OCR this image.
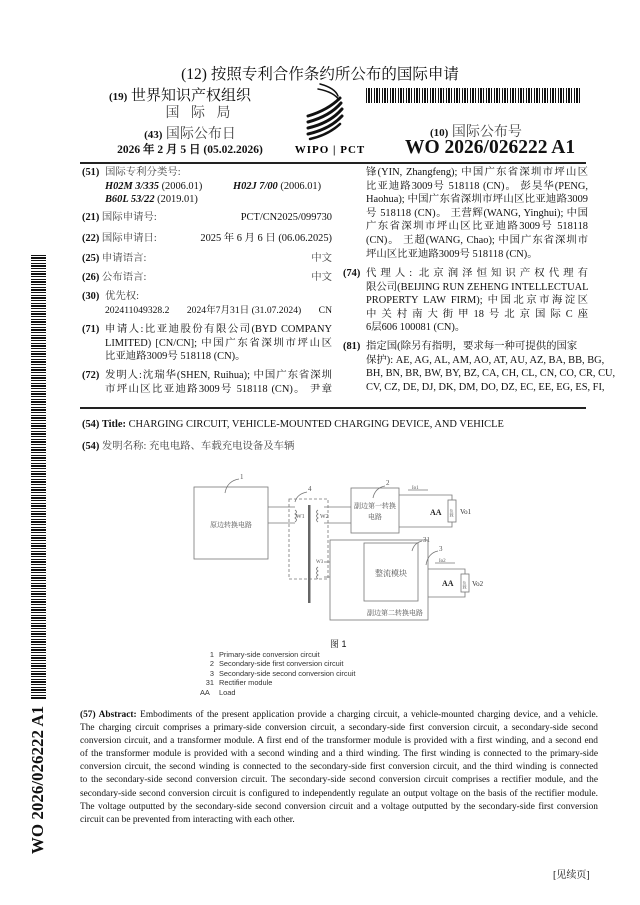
(12) 按照专利合作条约所公布的国际申请
(19) 世界知识产权组织
国 际 局
(43) 国际公布日
2026 年 2 月 5 日 (05.02.2026)	WIPO | PCT
(10) 国际公布号
WO 2026/026222 A1
(51) 国际专利分类号:
H02M 3/335 (2006.01)	H02J 7/00 (2006.01)
B60L 53/22 (2019.01)
(21) 国际申请号:	PCT/CN2025/099730
(22) 国际申请日:	2025 年 6 月 6 日 (06.06.2025)
(25) 申请语言:	中文
(26) 公布语言:	中文
(30) 优先权:
202411049328.2 2024年7月31日 (31.07.2024) CN
(71) 申请人:比亚迪股份有限公司(BYD COMPANY
LIMITED) [CN/CN]; 中国广东省深圳市坪山区
比亚迪路3009号 518118 (CN)。
(72) 发明人:沈瑞华(SHEN, Ruihua); 中国广东省深圳
市坪山区比亚迪路3009号 518118 (CN)。 尹章
锋(YIN, Zhangfeng); 中国广东省深圳市坪山区
比亚迪路3009号 518118 (CN)。 彭昊华(PENG,
Haohua); 中国广东省深圳市坪山区比亚迪路3009
号 518118 (CN)。 王营辉(WANG, Yinghui); 中国
广东省深圳市坪山区比亚迪路3009号 518118
(CN)。 王超(WANG, Chao); 中国广东省深圳市
坪山区比亚迪路3009号 518118 (CN)。
(74) 代理人: 北京润泽恒知识产权代理有
限公司(BEIJING RUN ZEHENG INTELLECTUAL
PROPERTY LAW FIRM); 中国北京市海淀区
中关村南大街甲18号北京国际C座
6层606 100081 (CN)。
(81) 指定国(除另有指明，要求每一种可提供的国家
保护): AE, AG, AL, AM, AO, AT, AU, AZ, BA, BB, BG,
BH, BN, BR, BW, BY, BZ, CA, CH, CL, CN, CO, CR, CU,
CV, CZ, DE, DJ, DK, DM, DO, DZ, EC, EE, EG, ES, FI,
WO 2026/026222 A1
(54) Title: CHARGING CIRCUIT, VEHICLE-MOUNTED CHARGING DEVICE, AND VEHICLE
(54) 发明名称: 充电电路、车载充电设备及车辆
原边转换电路
副边第一转换
电路
整流模块
副边第二转换电路
W1	W2
W3
Io1
Io2
Vo1
Vo2
负载
负载
1
4
2
31
3
AA
AA
图 1
1 Primary-side conversion circuit
2 Secondary-side first conversion circuit
3 Secondary-side second conversion circuit
31 Rectifier module
AA Load
(57) Abstract: Embodiments of the present application provide a charging circuit, a vehicle-mounted charging device, and a vehicle.
The charging circuit comprises a primary-side conversion circuit, a secondary-side first conversion circuit, a secondary-side second
conversion circuit, and a transformer module. A first end of the transformer module is provided with a first winding, and a second end
of the transformer module is provided with a second winding and a third winding. The first winding is connected to the primary-side
conversion circuit, the second winding is connected to the secondary-side first conversion circuit, and the third winding is connected
to the secondary-side second conversion circuit. The secondary-side second conversion circuit comprises a rectifier module, and the
secondary-side second conversion circuit is configured to independently regulate an output voltage on the basis of the rectifier module.
The voltage outputted by the secondary-side second conversion circuit and a voltage outputted by the secondary-side first conversion
circuit can be prevented from interacting with each other.
[见续页]
